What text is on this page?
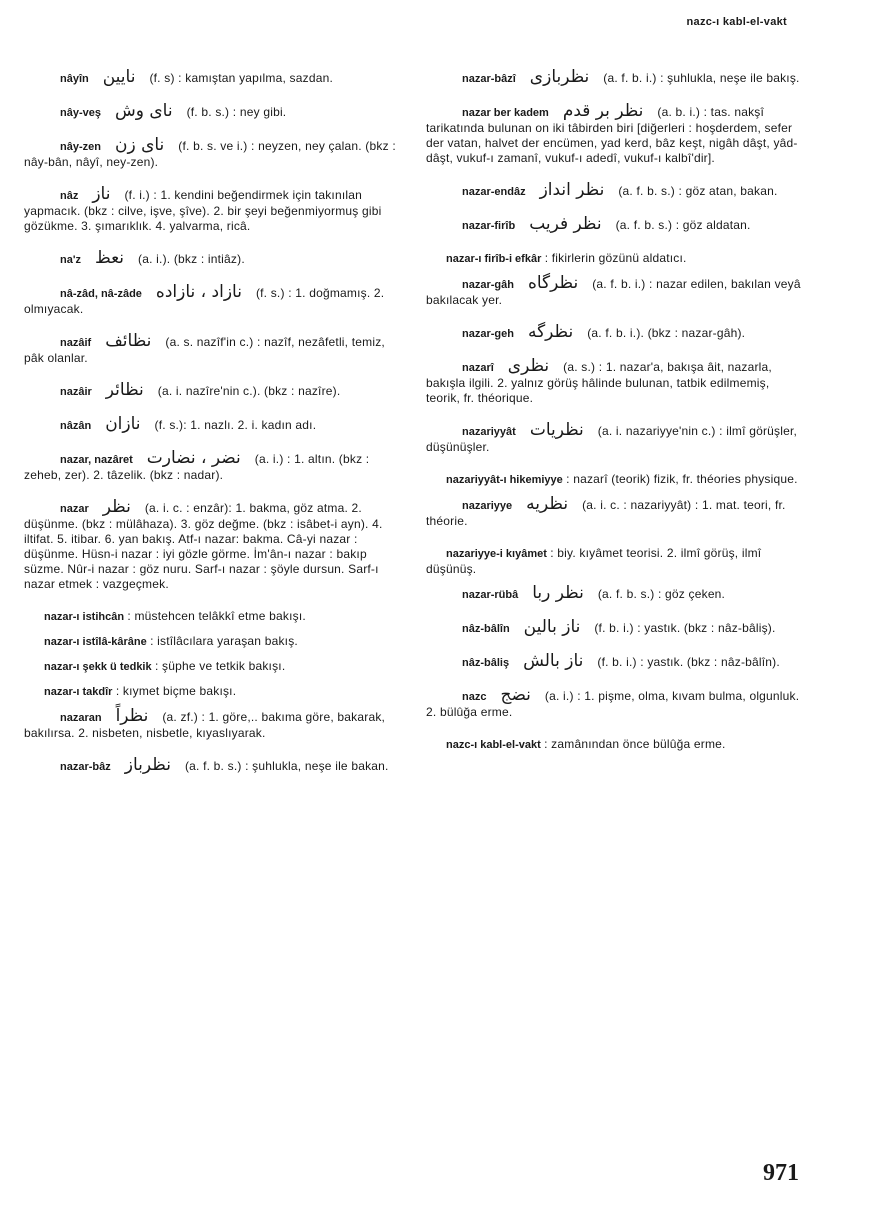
nazc-ı kabl-el-vakt
nâyîn نايين (f. s) : kamıştan yapılma, sazdan.
nây-veş ناى وش (f. b. s.) : ney gibi.
nây-zen ناى زن (f. b. s. ve i.) : neyzen, ney çalan. (bkz : nây-bân, nâyî, ney-zen).
nâz ناز (f. i.) : 1. kendini beğendirmek için takınılan yapmacık. (bkz : cilve, işve, şîve). 2. bir şeyi beğenmiyormuş gibi gözükme. 3. şımarıklık. 4. yalvarma, ricâ.
na'z نعظ (a. i.). (bkz : intiâz).
nâ-zâd, nâ-zâde نازاد ، نازاده (f. s.) : 1. doğmamış. 2. olmıyacak.
nazâif نظائف (a. s. nazîf'in c.) : nazîf, nezâfetli, temiz, pâk olanlar.
nazâir نظائر (a. i. nazîre'nin c.). (bkz : nazîre).
nâzân نازان (f. s.): 1. nazlı. 2. i. kadın adı.
nazar, nazâret نضر ، نضارت (a. i.) : 1. altın. (bkz : zeheb, zer). 2. tâzelik. (bkz : nadar).
nazar نظر (a. i. c. : enzâr): 1. bakma, göz atma. 2. düşünme. (bkz : mülâhaza). 3. göz değme. (bkz : isâbet-i ayn). 4. iltifat. 5. itibar. 6. yan bakış. Atf-ı nazar: bakma. Câ-yi nazar : düşünme. Hüsn-i nazar : iyi gözle görme. İm'ân-ı nazar : bakıp süzme. Nûr-i nazar : göz nuru. Sarf-ı nazar : şöyle dursun. Sarf-ı nazar etmek : vazgeçmek.
nazar-ı istihcân : müstehcen telâkkî etme bakışı.
nazar-ı istîlâ-kârâne : istîlâcılara yaraşan bakış.
nazar-ı şekk ü tedkik : şüphe ve tetkik bakışı.
nazar-ı takdîr : kıymet biçme bakışı.
nazaran نظراً (a. zf.) : 1. göre,.. bakıma göre, bakarak, bakılırsa. 2. nisbeten, nisbetle, kıyaslıyarak.
nazar-bâz نظرباز (a. f. b. s.) : şuhlukla, neşe ile bakan.
nazar-bâzî نظربازى (a. f. b. i.) : şuhlukla, neşe ile bakış.
nazar ber kadem نظر بر قدم (a. b. i.) : tas. nakşî tarikatında bulunan on iki tâbirden biri [diğerleri : hoşderdem, sefer der vatan, halvet der encümen, yad kerd, bâz keşt, nigâh dâşt, yâd-dâşt, vukuf-ı zamanî, vukuf-ı adedî, vukuf-ı kalbî'dir].
nazar-endâz نظر انداز (a. f. b. s.) : göz atan, bakan.
nazar-firîb نظر فريب (a. f. b. s.) : göz aldatan.
nazar-ı firîb-i efkâr : fikirlerin gözünü aldatıcı.
nazar-gâh نظرگاه (a. f. b. i.) : nazar edilen, bakılan veyâ bakılacak yer.
nazar-geh نظرگه (a. f. b. i.). (bkz : nazar-gâh).
nazarî نظرى (a. s.) : 1. nazar'a, bakışa âit, nazarla, bakışla ilgili. 2. yalnız görüş hâlinde bulunan, tatbik edilmemiş, teorik, fr. théorique.
nazariyyât نظريات (a. i. nazariyye'nin c.) : ilmî görüşler, düşünüşler.
nazariyyât-ı hikemiyye : nazarî (teorik) fizik, fr. théories physique.
nazariyye نظريه (a. i. c. : nazariyyât) : 1. mat. teori, fr. théorie.
nazariyye-i kıyâmet : biy. kıyâmet teorisi. 2. ilmî görüş, ilmî düşünüş.
nazar-rübâ نظر ربا (a. f. b. s.) : göz çeken.
nâz-bâlîn ناز بالين (f. b. i.) : yastık. (bkz : nâz-bâliş).
nâz-bâliş ناز بالش (f. b. i.) : yastık. (bkz : nâz-bâlîn).
nazc نضج (a. i.) : 1. pişme, olma, kıvam bulma, olgunluk. 2. bülûğa erme.
nazc-ı kabl-el-vakt : zamânından önce bülûğa erme.
971
